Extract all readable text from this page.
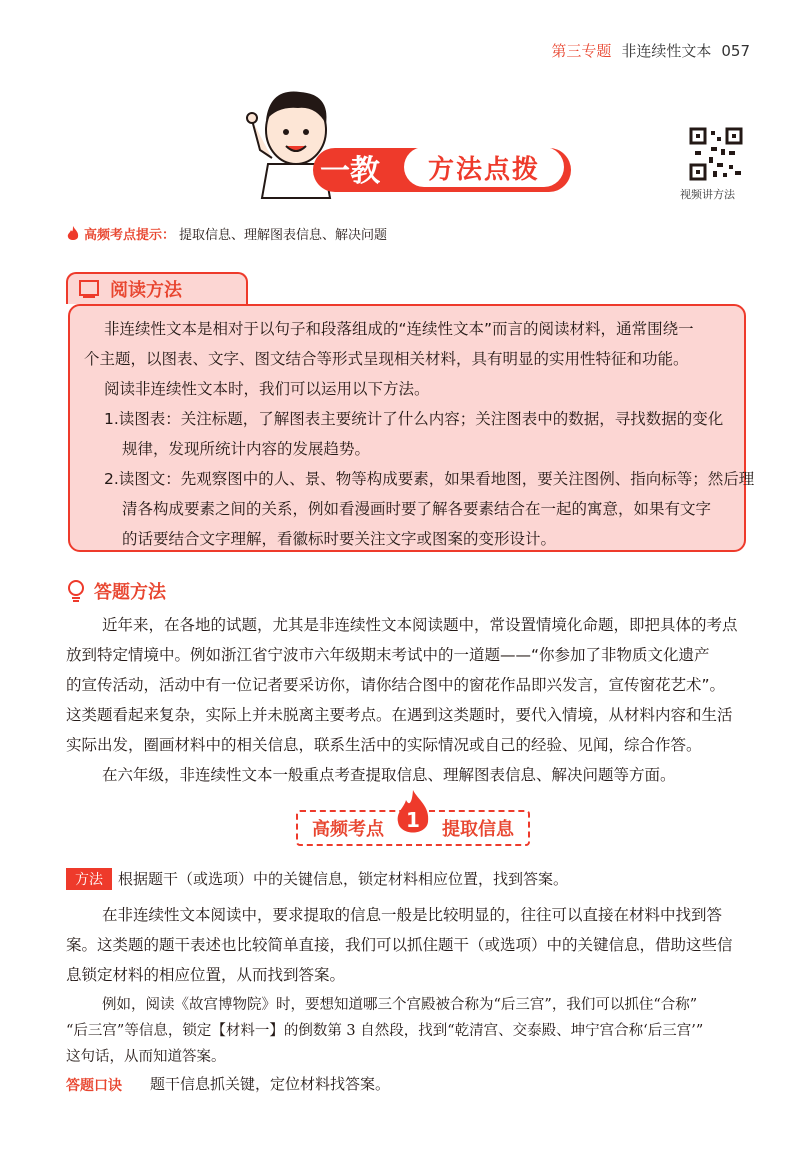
第三专题 非连续性文本 057
一教	方法点拨
视频讲方法
高频考点提示： 提取信息、理解图表信息、解决问题
阅读方法
非连续性文本是相对于以句子和段落组成的“连续性文本”而言的阅读材料，通常围绕一
个主题，以图表、文字、图文结合等形式呈现相关材料，具有明显的实用性特征和功能。
阅读非连续性文本时，我们可以运用以下方法。
1.读图表：关注标题，了解图表主要统计了什么内容；关注图表中的数据，寻找数据的变化
规律，发现所统计内容的发展趋势。
2.读图文：先观察图中的人、景、物等构成要素，如果看地图，要关注图例、指向标等；然后理
清各构成要素之间的关系，例如看漫画时要了解各要素结合在一起的寓意，如果有文字
的话要结合文字理解，看徽标时要关注文字或图案的变形设计。
答题方法
近年来，在各地的试题，尤其是非连续性文本阅读题中，常设置情境化命题，即把具体的考点
放到特定情境中。例如浙江省宁波市六年级期末考试中的一道题——“你参加了非物质文化遗产
的宣传活动，活动中有一位记者要采访你，请你结合图中的窗花作品即兴发言，宣传窗花艺术”。
这类题看起来复杂，实际上并未脱离主要考点。在遇到这类题时，要代入情境，从材料内容和生活
实际出发，圈画材料中的相关信息，联系生活中的实际情况或自己的经验、见闻，综合作答。
在六年级，非连续性文本一般重点考查提取信息、理解图表信息、解决问题等方面。
高频考点	提取信息
1
方法	根据题干（或选项）中的关键信息，锁定材料相应位置，找到答案。
在非连续性文本阅读中，要求提取的信息一般是比较明显的，往往可以直接在材料中找到答
案。这类题的题干表述也比较简单直接，我们可以抓住题干（或选项）中的关键信息，借助这些信
息锁定材料的相应位置，从而找到答案。
例如，阅读《故宫博物院》时，要想知道哪三个宫殿被合称为“后三宫”，我们可以抓住“合称”
“后三宫”等信息，锁定【材料一】的倒数第 3 自然段，找到“乾清宫、交泰殿、坤宁宫合称‘后三宫’”
这句话，从而知道答案。
答题口诀 题干信息抓关键，定位材料找答案。
